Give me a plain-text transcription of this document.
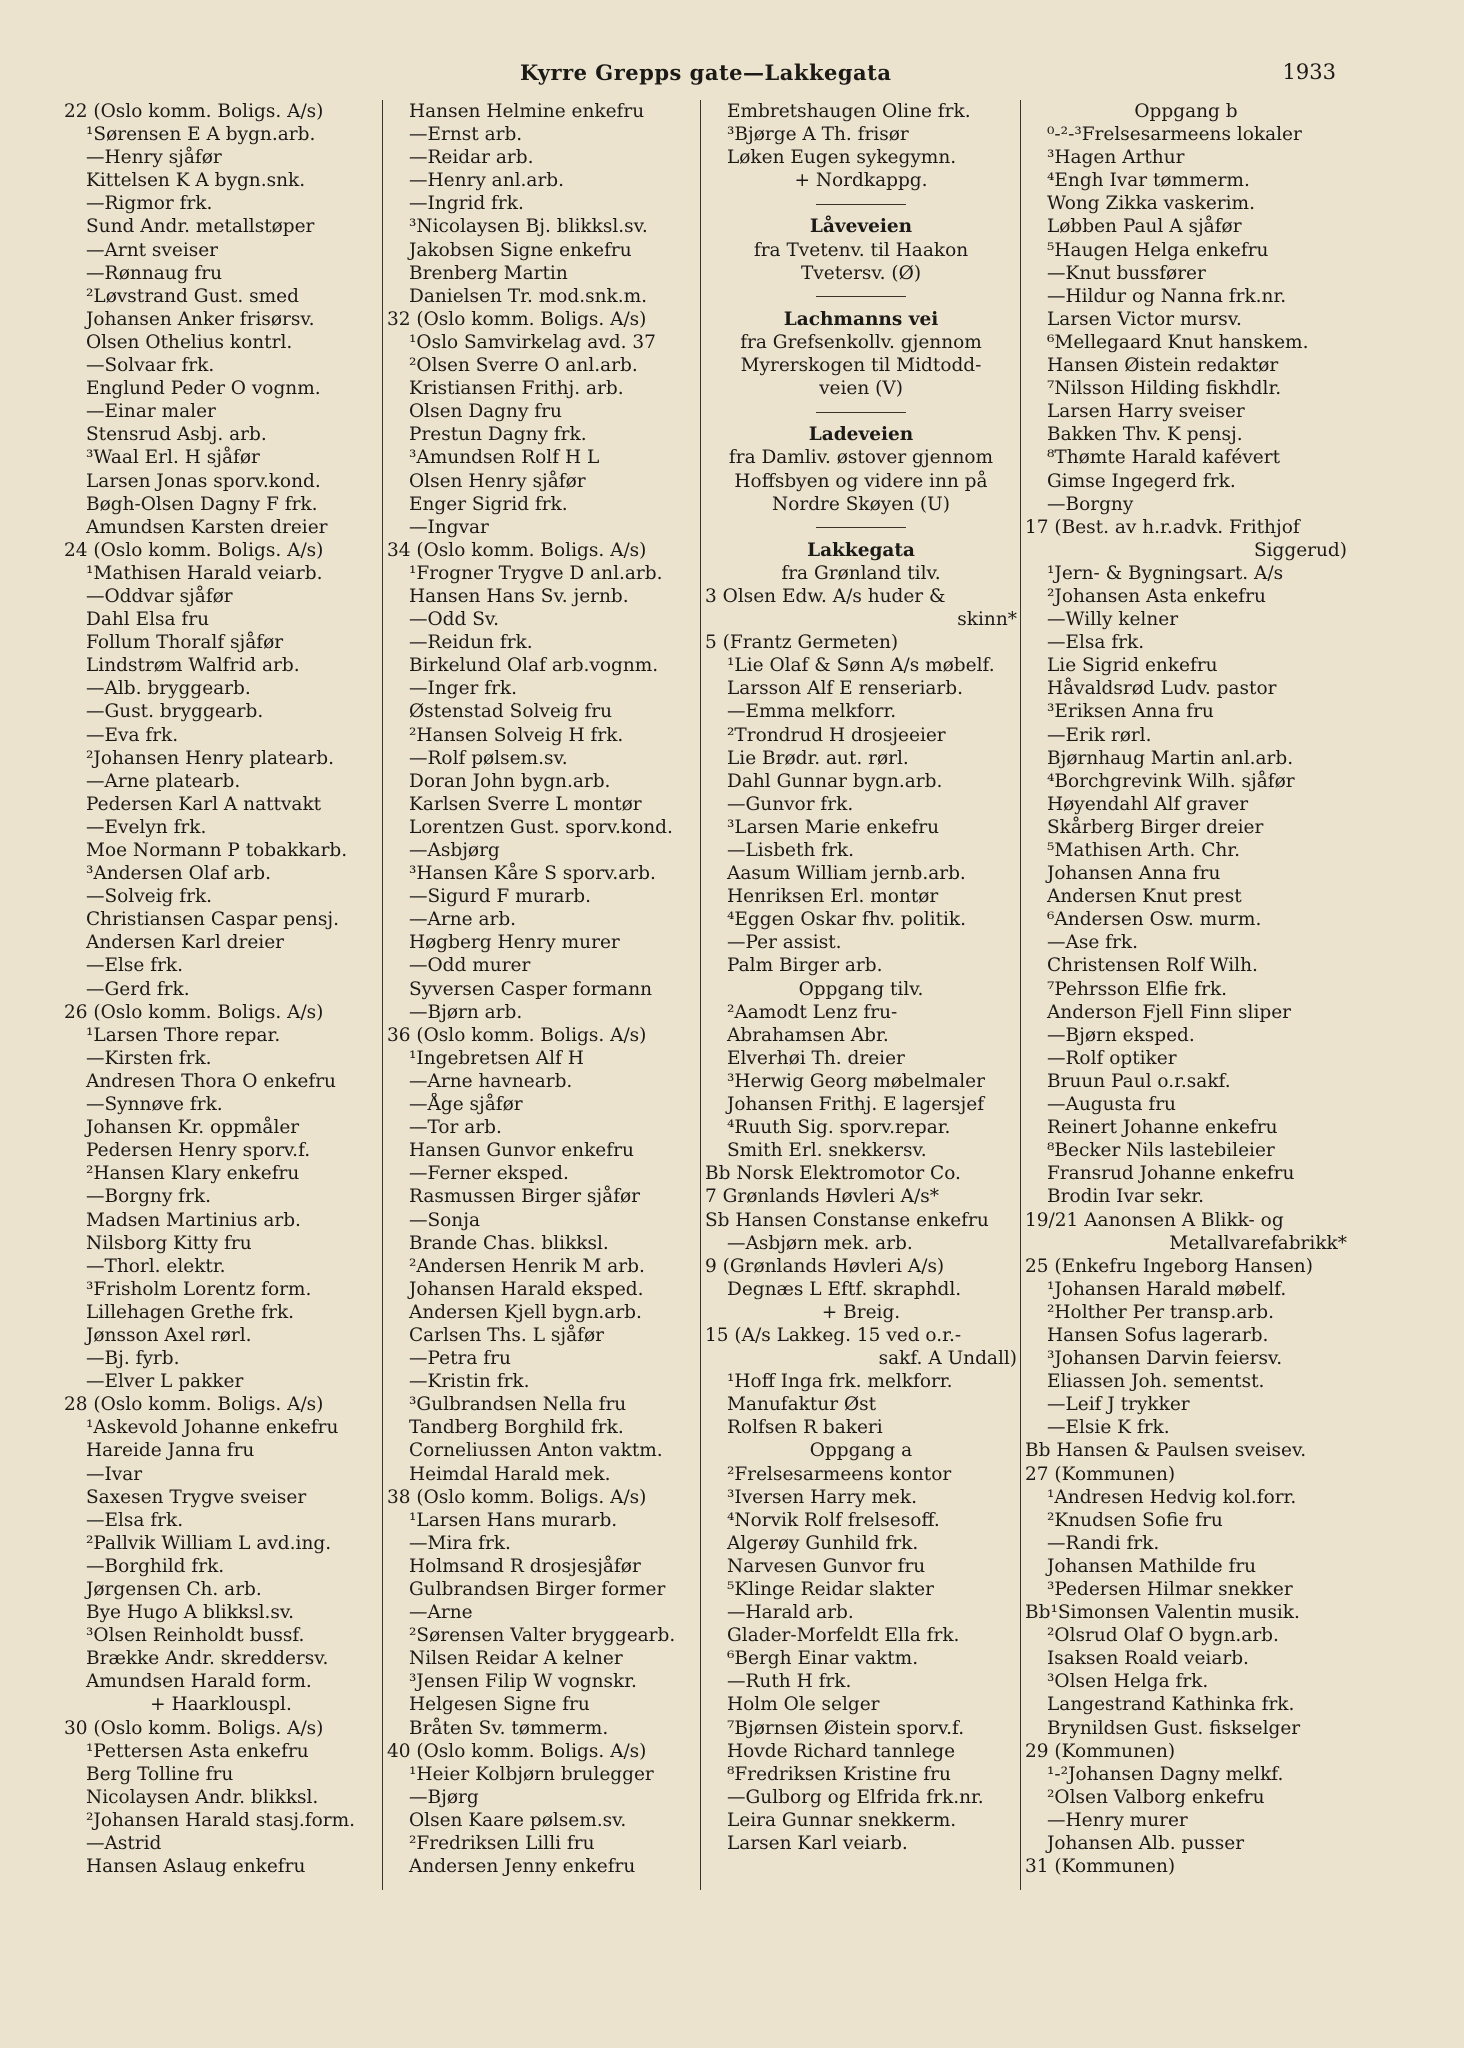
Kyrre Grepps gate—Lakkegata	1933
22 (Oslo komm. Boligs. A/s)
¹Sørensen E A bygn.arb.
—Henry sjåfør
Kittelsen K A bygn.snk.
—Rigmor frk.
Sund Andr. metallstøper
—Arnt sveiser
—Rønnaug fru
²Løvstrand Gust. smed
Johansen Anker frisørsv.
Olsen Othelius kontrl.
—Solvaar frk.
Englund Peder O vognm.
—Einar maler
Stensrud Asbj. arb.
³Waal Erl. H sjåfør
Larsen Jonas sporv.kond.
Bøgh-Olsen Dagny F frk.
Amundsen Karsten dreier
24 (Oslo komm. Boligs. A/s)
¹Mathisen Harald veiarb.
—Oddvar sjåfør
Dahl Elsa fru
Follum Thoralf sjåfør
Lindstrøm Walfrid arb.
—Alb. bryggearb.
—Gust. bryggearb.
—Eva frk.
²Johansen Henry platearb.
—Arne platearb.
Pedersen Karl A nattvakt
—Evelyn frk.
Moe Normann P tobakkarb.
³Andersen Olaf arb.
—Solveig frk.
Christiansen Caspar pensj.
Andersen Karl dreier
—Else frk.
—Gerd frk.
26 (Oslo komm. Boligs. A/s)
¹Larsen Thore repar.
—Kirsten frk.
Andresen Thora O enkefru
—Synnøve frk.
Johansen Kr. oppmåler
Pedersen Henry sporv.f.
²Hansen Klary enkefru
—Borgny frk.
Madsen Martinius arb.
Nilsborg Kitty fru
—Thorl. elektr.
³Frisholm Lorentz form.
Lillehagen Grethe frk.
Jønsson Axel rørl.
—Bj. fyrb.
—Elver L pakker
28 (Oslo komm. Boligs. A/s)
¹Askevold Johanne enkefru
Hareide Janna fru
—Ivar
Saxesen Trygve sveiser
—Elsa frk.
²Pallvik William L avd.ing.
—Borghild frk.
Jørgensen Ch. arb.
Bye Hugo A blikksl.sv.
³Olsen Reinholdt bussf.
Brække Andr. skreddersv.
Amundsen Harald form.
+ Haarklouspl.
30 (Oslo komm. Boligs. A/s)
¹Pettersen Asta enkefru
Berg Tolline fru
Nicolaysen Andr. blikksl.
²Johansen Harald stasj.form.
—Astrid
Hansen Aslaug enkefru
Hansen Helmine enkefru
—Ernst arb.
—Reidar arb.
—Henry anl.arb.
—Ingrid frk.
³Nicolaysen Bj. blikksl.sv.
Jakobsen Signe enkefru
Brenberg Martin
Danielsen Tr. mod.snk.m.
32 (Oslo komm. Boligs. A/s)
¹Oslo Samvirkelag avd. 37
²Olsen Sverre O anl.arb.
Kristiansen Frithj. arb.
Olsen Dagny fru
Prestun Dagny frk.
³Amundsen Rolf H L
Olsen Henry sjåfør
Enger Sigrid frk.
—Ingvar
34 (Oslo komm. Boligs. A/s)
¹Frogner Trygve D anl.arb.
Hansen Hans Sv. jernb.
—Odd Sv.
—Reidun frk.
Birkelund Olaf arb.vognm.
—Inger frk.
Østenstad Solveig fru
²Hansen Solveig H frk.
—Rolf pølsem.sv.
Doran John bygn.arb.
Karlsen Sverre L montør
Lorentzen Gust. sporv.kond.
—Asbjørg
³Hansen Kåre S sporv.arb.
—Sigurd F murarb.
—Arne arb.
Høgberg Henry murer
—Odd murer
Syversen Casper formann
—Bjørn arb.
36 (Oslo komm. Boligs. A/s)
¹Ingebretsen Alf H
—Arne havnearb.
—Åge sjåfør
—Tor arb.
Hansen Gunvor enkefru
—Ferner eksped.
Rasmussen Birger sjåfør
—Sonja
Brande Chas. blikksl.
²Andersen Henrik M arb.
Johansen Harald eksped.
Andersen Kjell bygn.arb.
Carlsen Ths. L sjåfør
—Petra fru
—Kristin frk.
³Gulbrandsen Nella fru
Tandberg Borghild frk.
Corneliussen Anton vaktm.
Heimdal Harald mek.
38 (Oslo komm. Boligs. A/s)
¹Larsen Hans murarb.
—Mira frk.
Holmsand R drosjesjåfør
Gulbrandsen Birger former
—Arne
²Sørensen Valter bryggearb.
Nilsen Reidar A kelner
³Jensen Filip W vognskr.
Helgesen Signe fru
Bråten Sv. tømmerm.
40 (Oslo komm. Boligs. A/s)
¹Heier Kolbjørn brulegger
—Bjørg
Olsen Kaare pølsem.sv.
²Fredriksen Lilli fru
Andersen Jenny enkefru
Embretshaugen Oline frk.
³Bjørge A Th. frisør
Løken Eugen sykegymn.
+ Nordkappg.
Låveveien
fra Tvetenv. til Haakon
Tvetersv. (Ø)
Lachmanns vei
fra Grefsenkollv. gjennom
Myrerskogen til Midtodd-
veien (V)
Ladeveien
fra Damliv. østover gjennom
Hoffsbyen og videre inn på
Nordre Skøyen (U)
Lakkegata
fra Grønland tilv.
3 Olsen Edw. A/s huder &
skinn*
5 (Frantz Germeten)
¹Lie Olaf & Sønn A/s møbelf.
Larsson Alf E renseriarb.
—Emma melkforr.
²Trondrud H drosjeeier
Lie Brødr. aut. rørl.
Dahl Gunnar bygn.arb.
—Gunvor frk.
³Larsen Marie enkefru
—Lisbeth frk.
Aasum William jernb.arb.
Henriksen Erl. montør
⁴Eggen Oskar fhv. politik.
—Per assist.
Palm Birger arb.
Oppgang tilv.
²Aamodt Lenz fru-
Abrahamsen Abr.
Elverhøi Th. dreier
³Herwig Georg møbelmaler
Johansen Frithj. E lagersjef
⁴Ruuth Sig. sporv.repar.
Smith Erl. snekkersv.
Bb Norsk Elektromotor Co.
7 Grønlands Høvleri A/s*
Sb Hansen Constanse enkefru
—Asbjørn mek. arb.
9 (Grønlands Høvleri A/s)
Degnæs L Eftf. skraphdl.
+ Breig.
15 (A/s Lakkeg. 15 ved o.r.-
sakf. A Undall)
¹Hoff Inga frk. melkforr.
Manufaktur Øst
Rolfsen R bakeri
Oppgang a
²Frelsesarmeens kontor
³Iversen Harry mek.
⁴Norvik Rolf frelsesoff.
Algerøy Gunhild frk.
Narvesen Gunvor fru
⁵Klinge Reidar slakter
—Harald arb.
Glader-Morfeldt Ella frk.
⁶Bergh Einar vaktm.
—Ruth H frk.
Holm Ole selger
⁷Bjørnsen Øistein sporv.f.
Hovde Richard tannlege
⁸Fredriksen Kristine fru
—Gulborg og Elfrida frk.nr.
Leira Gunnar snekkerm.
Larsen Karl veiarb.
Oppgang b
⁰-²-³Frelsesarmeens lokaler
³Hagen Arthur
⁴Engh Ivar tømmerm.
Wong Zikka vaskerim.
Løbben Paul A sjåfør
⁵Haugen Helga enkefru
—Knut bussfører
—Hildur og Nanna frk.nr.
Larsen Victor mursv.
⁶Mellegaard Knut hanskem.
Hansen Øistein redaktør
⁷Nilsson Hilding fiskhdlr.
Larsen Harry sveiser
Bakken Thv. K pensj.
⁸Thømte Harald kafévert
Gimse Ingegerd frk.
—Borgny
17 (Best. av h.r.advk. Frithjof
Siggerud)
¹Jern- & Bygningsart. A/s
²Johansen Asta enkefru
—Willy kelner
—Elsa frk.
Lie Sigrid enkefru
Håvaldsrød Ludv. pastor
³Eriksen Anna fru
—Erik rørl.
Bjørnhaug Martin anl.arb.
⁴Borchgrevink Wilh. sjåfør
Høyendahl Alf graver
Skårberg Birger dreier
⁵Mathisen Arth. Chr.
Johansen Anna fru
Andersen Knut prest
⁶Andersen Osw. murm.
—Ase frk.
Christensen Rolf Wilh.
⁷Pehrsson Elfie frk.
Anderson Fjell Finn sliper
—Bjørn eksped.
—Rolf optiker
Bruun Paul o.r.sakf.
—Augusta fru
Reinert Johanne enkefru
⁸Becker Nils lastebileier
Fransrud Johanne enkefru
Brodin Ivar sekr.
19/21 Aanonsen A Blikk- og
Metallvarefabrikk*
25 (Enkefru Ingeborg Hansen)
¹Johansen Harald møbelf.
²Holther Per transp.arb.
Hansen Sofus lagerarb.
³Johansen Darvin feiersv.
Eliassen Joh. sementst.
—Leif J trykker
—Elsie K frk.
Bb Hansen & Paulsen sveisev.
27 (Kommunen)
¹Andresen Hedvig kol.forr.
²Knudsen Sofie fru
—Randi frk.
Johansen Mathilde fru
³Pedersen Hilmar snekker
Bb¹Simonsen Valentin musik.
²Olsrud Olaf O bygn.arb.
Isaksen Roald veiarb.
³Olsen Helga frk.
Langestrand Kathinka frk.
Brynildsen Gust. fiskselger
29 (Kommunen)
¹-²Johansen Dagny melkf.
²Olsen Valborg enkefru
—Henry murer
Johansen Alb. pusser
31 (Kommunen)
